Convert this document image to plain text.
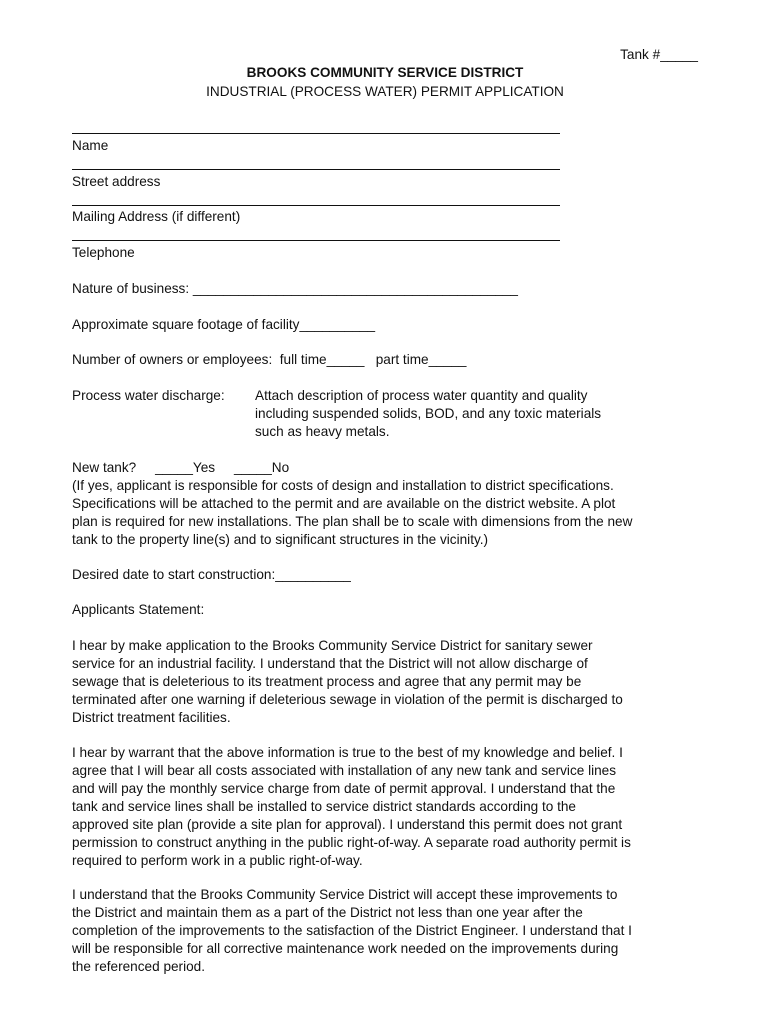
Tank #_____
BROOKS COMMUNITY SERVICE DISTRICT
INDUSTRIAL (PROCESS WATER) PERMIT APPLICATION
Name
Street address
Mailing Address (if different)
Telephone
Nature of business: ___________________________________________
Approximate square footage of facility__________
Number of owners or employees:  full time_____   part time_____
Process water discharge: Attach description of process water quantity and quality
including suspended solids, BOD, and any toxic materials
such as heavy metals.
New tank?     _____Yes     _____No
(If yes, applicant is responsible for costs of design and installation to district specifications.
Specifications will be attached to the permit and are available on the district website. A plot
plan is required for new installations. The plan shall be to scale with dimensions from the new
tank to the property line(s) and to significant structures in the vicinity.)
Desired date to start construction:__________
Applicants Statement:
I hear by make application to the Brooks Community Service District for sanitary sewer
service for an industrial facility. I understand that the District will not allow discharge of
sewage that is deleterious to its treatment process and agree that any permit may be
terminated after one warning if deleterious sewage in violation of the permit is discharged to
District treatment facilities.
I hear by warrant that the above information is true to the best of my knowledge and belief. I
agree that I will bear all costs associated with installation of any new tank and service lines
and will pay the monthly service charge from date of permit approval. I understand that the
tank and service lines shall be installed to service district standards according to the
approved site plan (provide a site plan for approval). I understand this permit does not grant
permission to construct anything in the public right-of-way. A separate road authority permit is
required to perform work in a public right-of-way.
I understand that the Brooks Community Service District will accept these improvements to
the District and maintain them as a part of the District not less than one year after the
completion of the improvements to the satisfaction of the District Engineer. I understand that I
will be responsible for all corrective maintenance work needed on the improvements during
the referenced period.
